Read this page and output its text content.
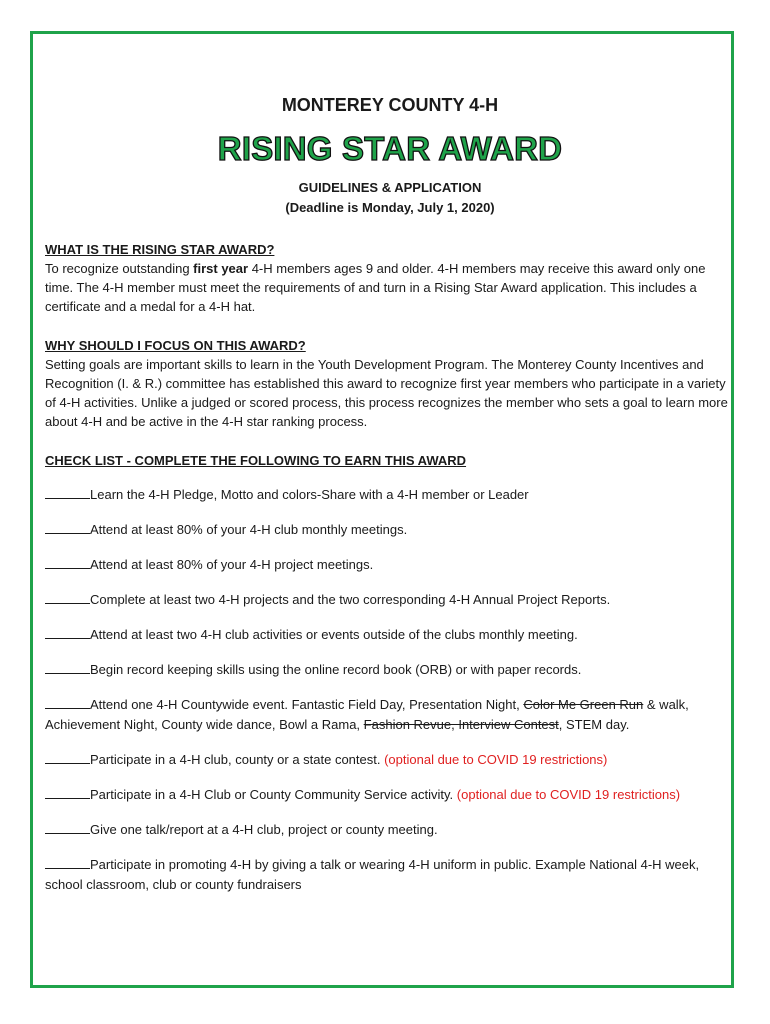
MONTEREY COUNTY 4-H
RISING STAR AWARD
GUIDELINES & APPLICATION
(Deadline is Monday, July 1, 2020)
WHAT IS THE RISING STAR AWARD?

To recognize outstanding first year 4-H members ages 9 and older. 4-H members may receive this award only one time. The 4-H member must meet the requirements of and turn in a Rising Star Award application. This includes a certificate and a medal for a 4-H hat.

WHY SHOULD I FOCUS ON THIS AWARD?

Setting goals are important skills to learn in the Youth Development Program. The Monterey County Incentives and Recognition (I. & R.) committee has established this award to recognize first year members who participate in a variety of 4-H activities. Unlike a judged or scored process, this process recognizes the member who sets a goal to learn more about 4-H and be active in the 4-H star ranking process.

CHECK LIST - COMPLETE THE FOLLOWING TO EARN THIS AWARD
Learn the 4-H Pledge, Motto and colors-Share with a 4-H member or Leader
Attend at least 80% of your 4-H club monthly meetings.
Attend at least 80% of your 4-H project meetings.
Complete at least two 4-H projects and the two corresponding 4-H Annual Project Reports.
Attend at least two 4-H club activities or events outside of the clubs monthly meeting.
Begin record keeping skills using the online record book (ORB) or with paper records.
Attend one 4-H Countywide event. Fantastic Field Day, Presentation Night, Color Me Green Run & walk, Achievement Night, County wide dance, Bowl a Rama, Fashion Revue, Interview Contest, STEM day.
Participate in a 4-H club, county or a state contest. (optional due to COVID 19 restrictions)
Participate in a 4-H Club or County Community Service activity. (optional due to COVID 19 restrictions)
Give one talk/report at a 4-H club, project or county meeting.
Participate in promoting 4-H by giving a talk or wearing 4-H uniform in public. Example National 4-H week, school classroom, club or county fundraisers
